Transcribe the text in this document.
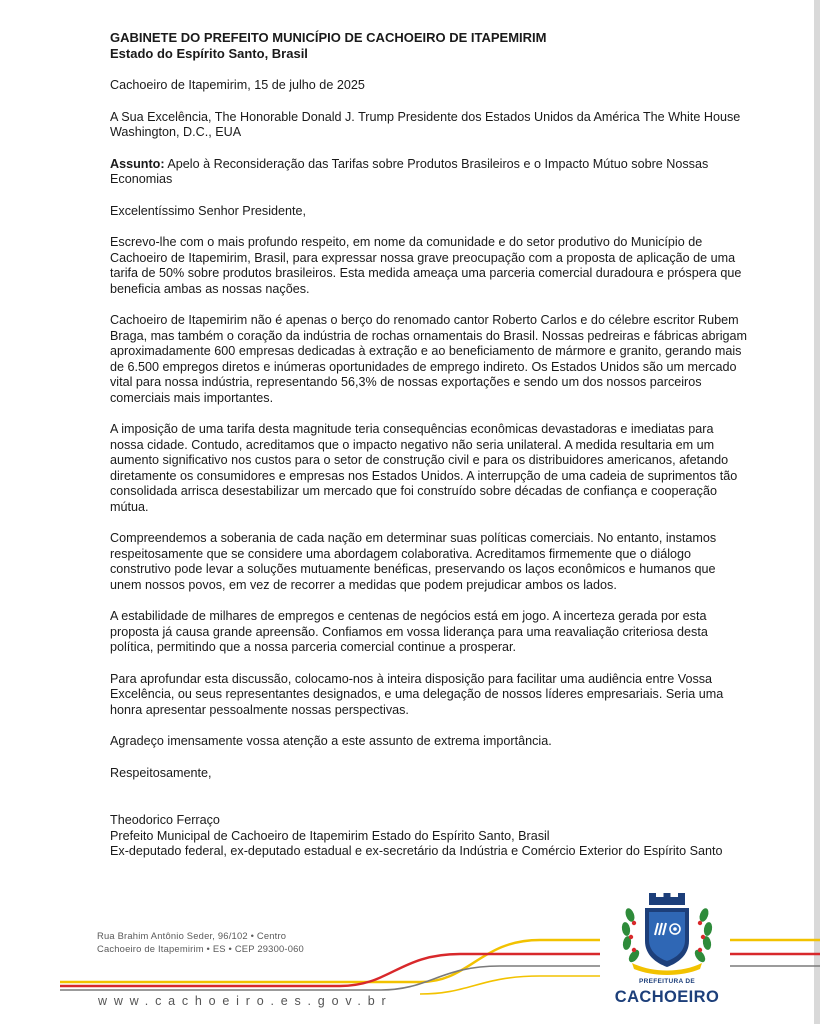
GABINETE DO PREFEITO MUNICÍPIO DE CACHOEIRO DE ITAPEMIRIM
Estado do Espírito Santo, Brasil

Cachoeiro de Itapemirim, 15 de julho de 2025

A Sua Excelência, The Honorable Donald J. Trump Presidente dos Estados Unidos da América The White House Washington, D.C., EUA

Assunto: Apelo à Reconsideração das Tarifas sobre Produtos Brasileiros e o Impacto Mútuo sobre Nossas Economias

Excelentíssimo Senhor Presidente,

Escrevo-lhe com o mais profundo respeito, em nome da comunidade e do setor produtivo do Município de Cachoeiro de Itapemirim, Brasil, para expressar nossa grave preocupação com a proposta de aplicação de uma tarifa de 50% sobre produtos brasileiros. Esta medida ameaça uma parceria comercial duradoura e próspera que beneficia ambas as nossas nações.

Cachoeiro de Itapemirim não é apenas o berço do renomado cantor Roberto Carlos e do célebre escritor Rubem Braga, mas também o coração da indústria de rochas ornamentais do Brasil. Nossas pedreiras e fábricas abrigam aproximadamente 600 empresas dedicadas à extração e ao beneficiamento de mármore e granito, gerando mais de 6.500 empregos diretos e inúmeras oportunidades de emprego indireto. Os Estados Unidos são um mercado vital para nossa indústria, representando 56,3% de nossas exportações e sendo um dos nossos parceiros comerciais mais importantes.

A imposição de uma tarifa desta magnitude teria consequências econômicas devastadoras e imediatas para nossa cidade. Contudo, acreditamos que o impacto negativo não seria unilateral. A medida resultaria em um aumento significativo nos custos para o setor de construção civil e para os distribuidores americanos, afetando diretamente os consumidores e empresas nos Estados Unidos. A interrupção de uma cadeia de suprimentos tão consolidada arrisca desestabilizar um mercado que foi construído sobre décadas de confiança e cooperação mútua.

Compreendemos a soberania de cada nação em determinar suas políticas comerciais. No entanto, instamos respeitosamente que se considere uma abordagem colaborativa. Acreditamos firmemente que o diálogo construtivo pode levar a soluções mutuamente benéficas, preservando os laços econômicos e humanos que unem nossos povos, em vez de recorrer a medidas que podem prejudicar ambos os lados.

A estabilidade de milhares de empregos e centenas de negócios está em jogo. A incerteza gerada por esta proposta já causa grande apreensão. Confiamos em vossa liderança para uma reavaliação criteriosa desta política, permitindo que a nossa parceria comercial continue a prosperar.

Para aprofundar esta discussão, colocamo-nos à inteira disposição para facilitar uma audiência entre Vossa Excelência, ou seus representantes designados, e uma delegação de nossos líderes empresariais. Seria uma honra apresentar pessoalmente nossas perspectivas.

Agradeço imensamente vossa atenção a este assunto de extrema importância.

Respeitosamente,

Theodorico Ferraço
Prefeito Municipal de Cachoeiro de Itapemirim Estado do Espírito Santo, Brasil
Ex-deputado federal, ex-deputado estadual e ex-secretário da Indústria e Comércio Exterior do Espírito Santo
Rua Brahim Antônio Seder, 96/102 • Centro
Cachoeiro de Itapemirim • ES • CEP 29300-060
www.cachoeiro.es.gov.br
PREFEITURA DE
CACHOEIRO
